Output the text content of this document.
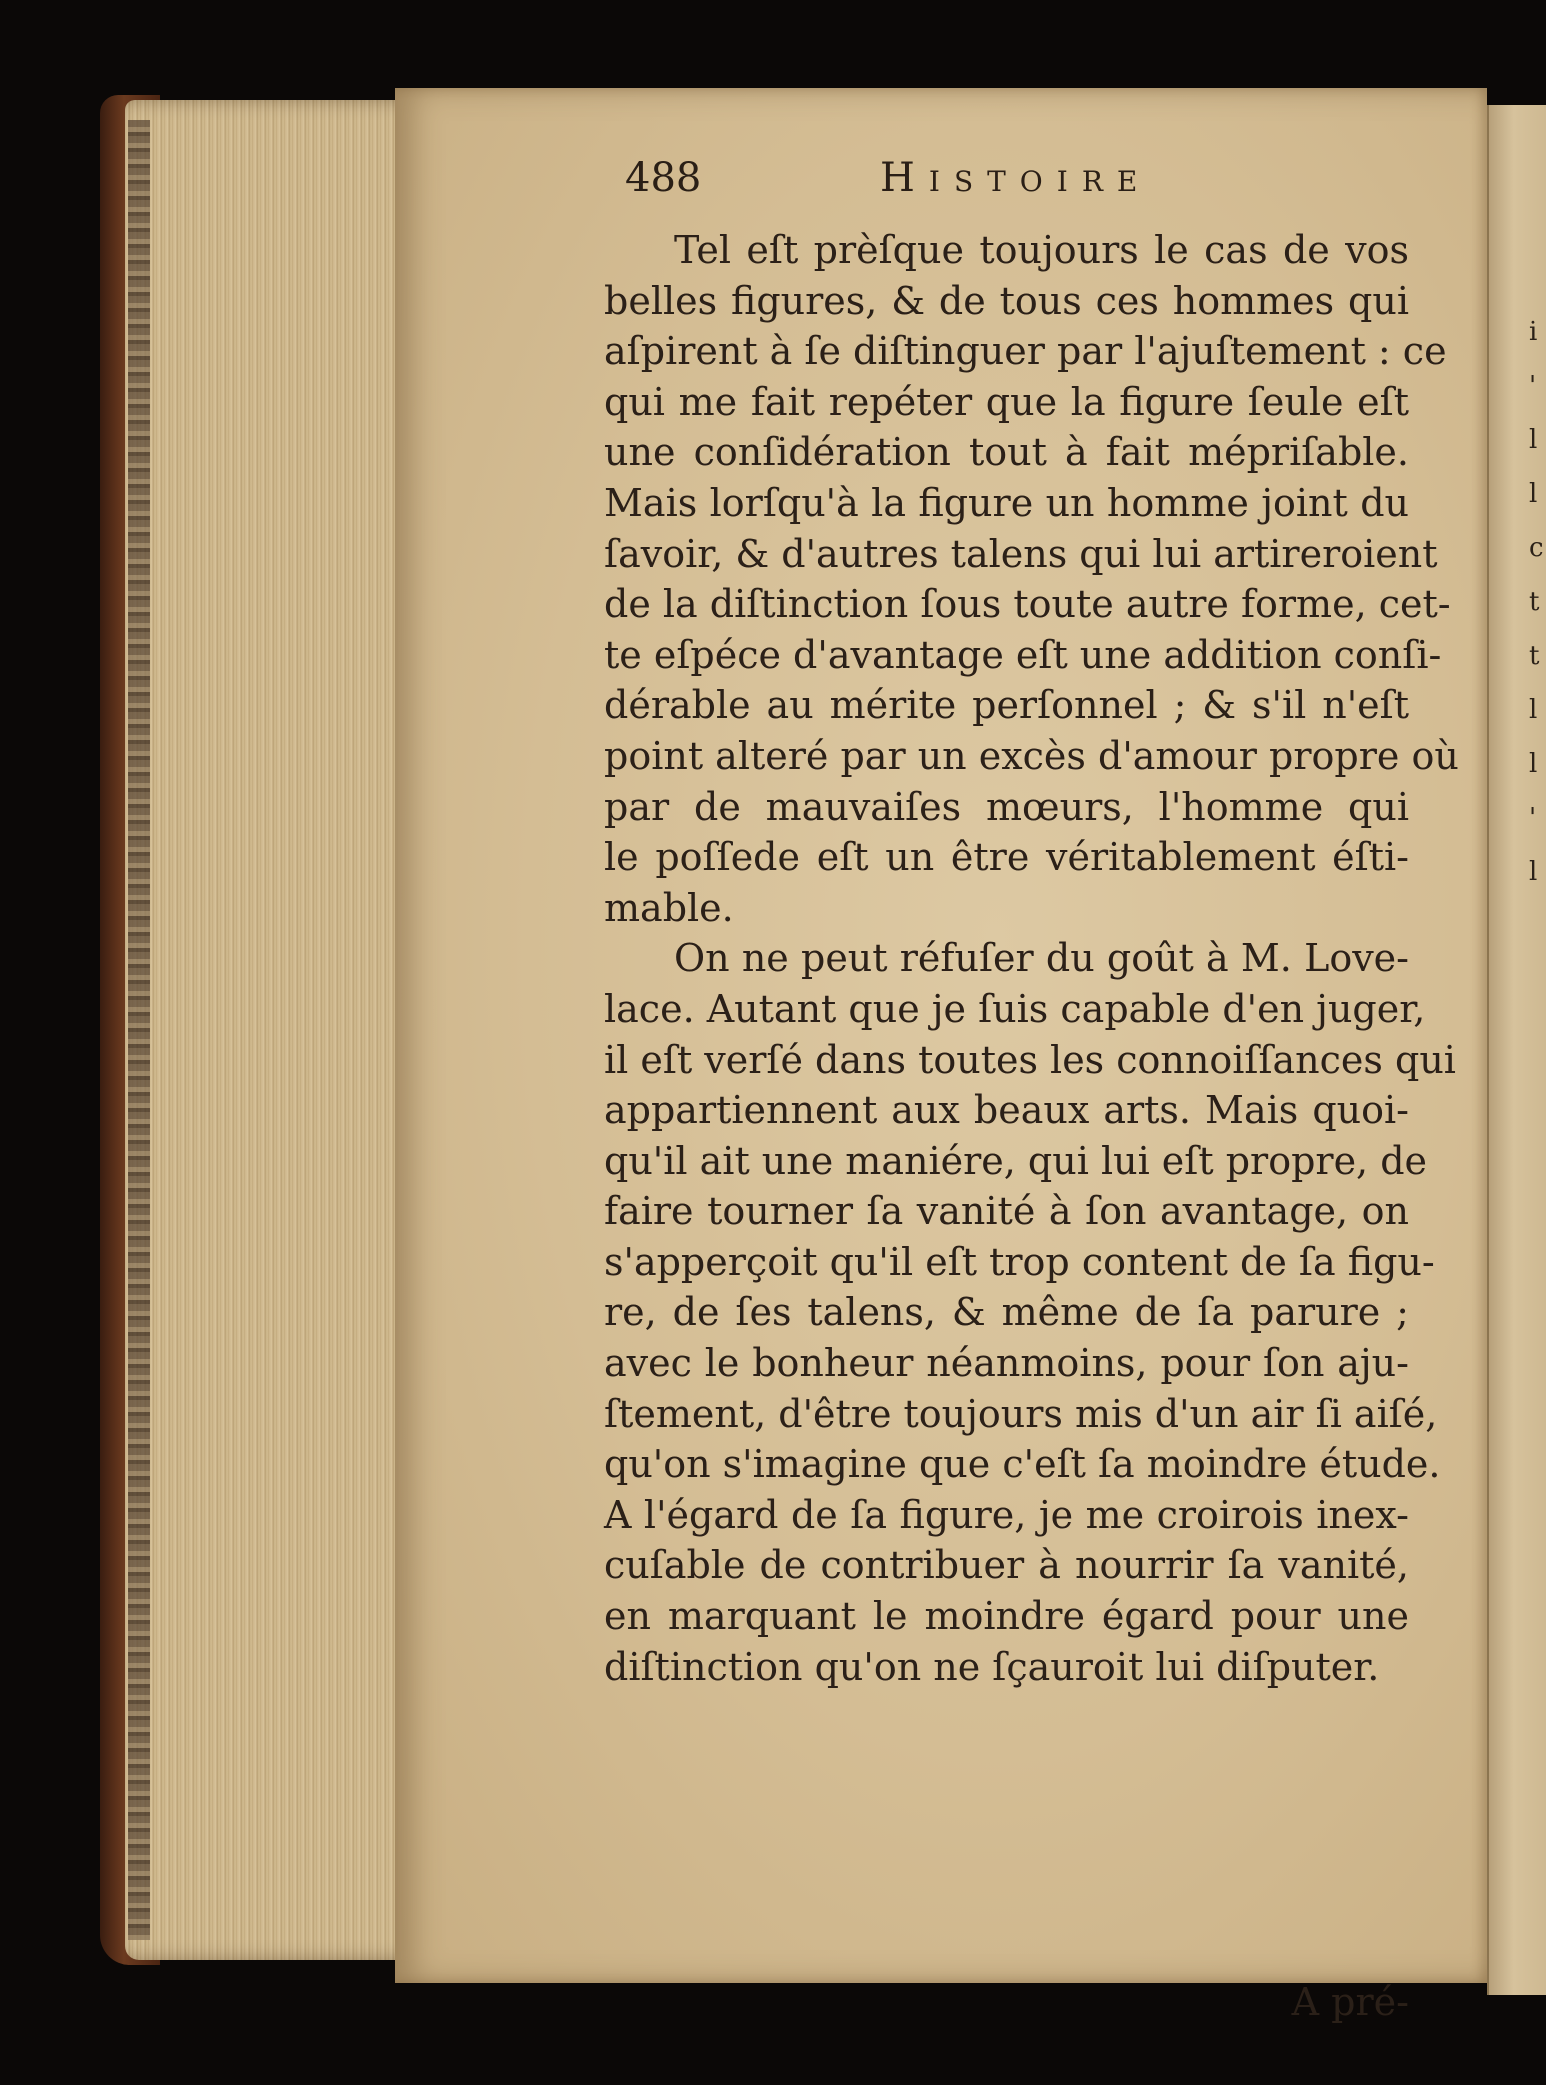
i
'
l
l
c
t
t
l
l
'
l
488	Histoire
Tel eſt prèſque toujours le cas de vos
belles figures, & de tous ces hommes qui
aſpirent à ſe diſtinguer par l'ajuſtement : ce
qui me fait repéter que la figure ſeule eſt
une conſidération tout à fait mépriſable.
Mais lorſqu'à la figure un homme joint du
ſavoir, & d'autres talens qui lui artireroient
de la diſtinction ſous toute autre forme, cet-
te eſpéce d'avantage eſt une addition conſi-
dérable au mérite perſonnel ; & s'il n'eſt
point alteré par un excès d'amour propre où
par de mauvaiſes mœurs, l'homme qui
le poſſede eſt un être véritablement éſti-
mable.
On ne peut réfuſer du goût à M. Love-
lace. Autant que je ſuis capable d'en juger,
il eſt verſé dans toutes les connoiſſances qui
appartiennent aux beaux arts. Mais quoi-
qu'il ait une maniére, qui lui eſt propre, de
faire tourner ſa vanité à ſon avantage, on
s'apperçoit qu'il eſt trop content de ſa figu-
re, de ſes talens, & même de ſa parure ;
avec le bonheur néanmoins, pour ſon aju-
ſtement, d'être toujours mis d'un air ſi aiſé,
qu'on s'imagine que c'eſt ſa moindre étude.
A l'égard de ſa figure, je me croirois inex-
cuſable de contribuer à nourrir ſa vanité,
en marquant le moindre égard pour une
diſtinction qu'on ne ſçauroit lui diſputer.
A pré-
